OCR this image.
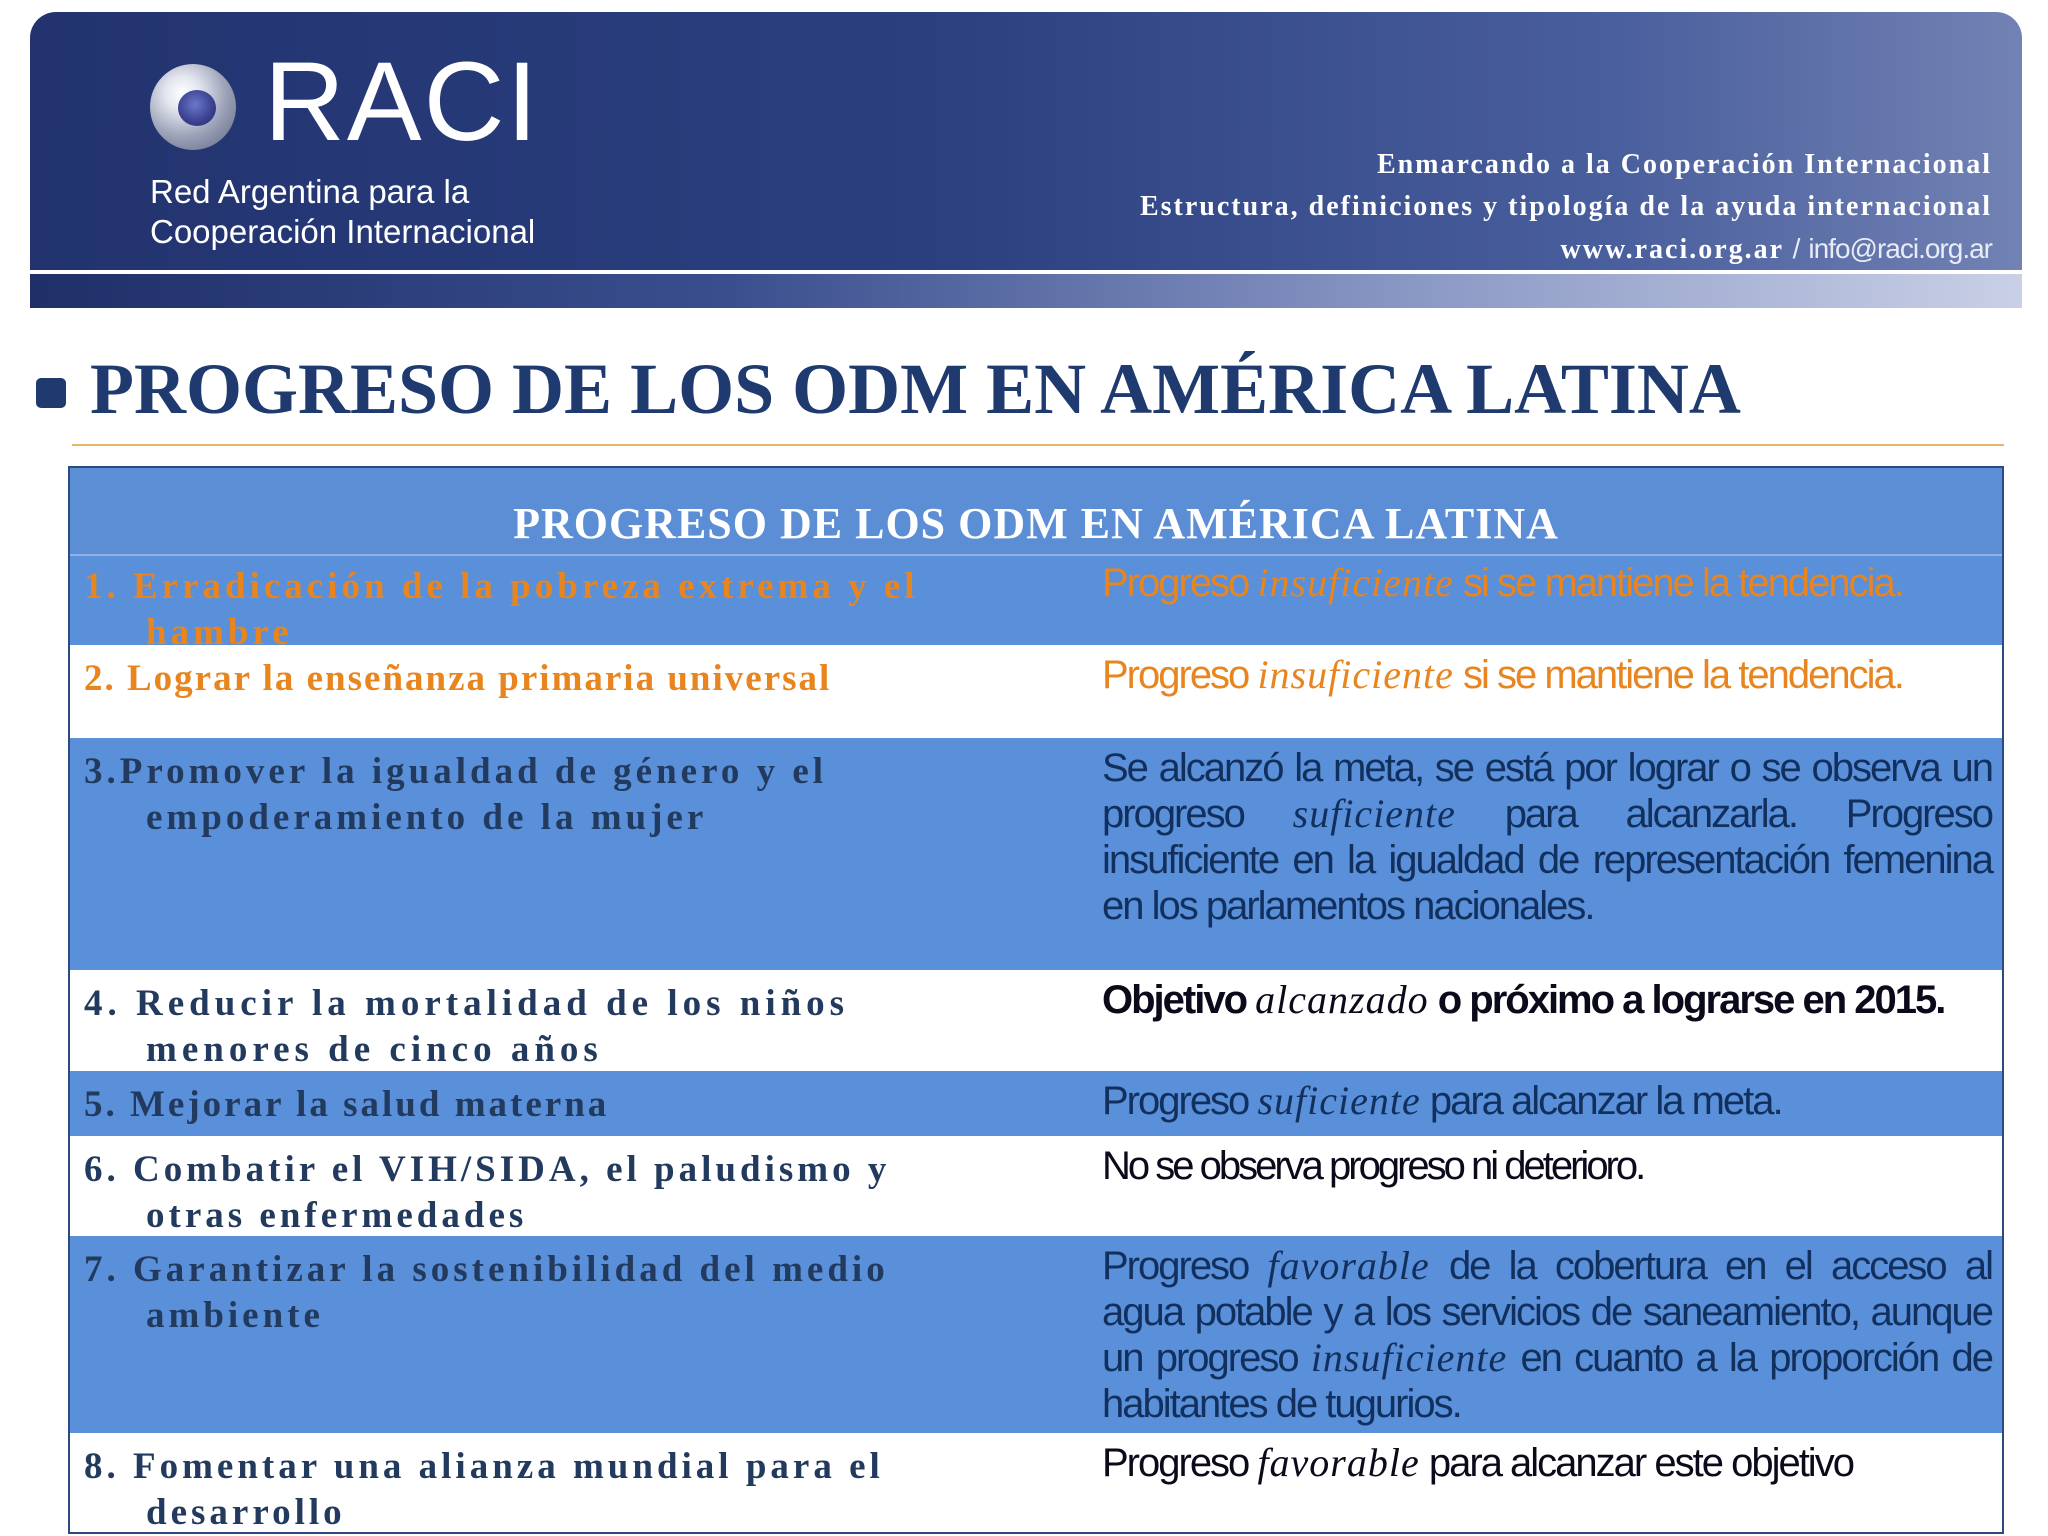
RACI
Red Argentina para la
Cooperación Internacional
Enmarcando a la Cooperación Internacional
Estructura, definiciones y tipología de la ayuda internacional
www.raci.org.ar / info@raci.org.ar
PROGRESO DE LOS ODM EN AMÉRICA LATINA
PROGRESO DE LOS ODM EN AMÉRICA LATINA
1. Erradicación de la pobreza extrema y el
hambre
Progreso insuficiente si se mantiene la tendencia.
2. Lograr la enseñanza primaria universal	Progreso insuficiente si se mantiene la tendencia.
3.Promover la igualdad de género y el
empoderamiento de la mujer
Se alcanzó la meta, se está por lograr o se observa un progreso suficiente para alcanzarla. Progreso insuficiente en la igualdad de representación femenina en los parlamentos nacionales.
4. Reducir la mortalidad de los niños
menores de cinco años
Objetivo alcanzado o próximo a lograrse en 2015.
5. Mejorar la salud materna	Progreso suficiente para alcanzar la meta.
6. Combatir el VIH/SIDA, el paludismo y
otras enfermedades
No se observa progreso ni deterioro.
7. Garantizar la sostenibilidad del medio
ambiente
Progreso favorable de la cobertura en el acceso al agua potable y a los servicios de saneamiento, aunque un progreso insuficiente en cuanto a la proporción de habitantes de tugurios.
8. Fomentar una alianza mundial para el
desarrollo
Progreso favorable para alcanzar este objetivo
